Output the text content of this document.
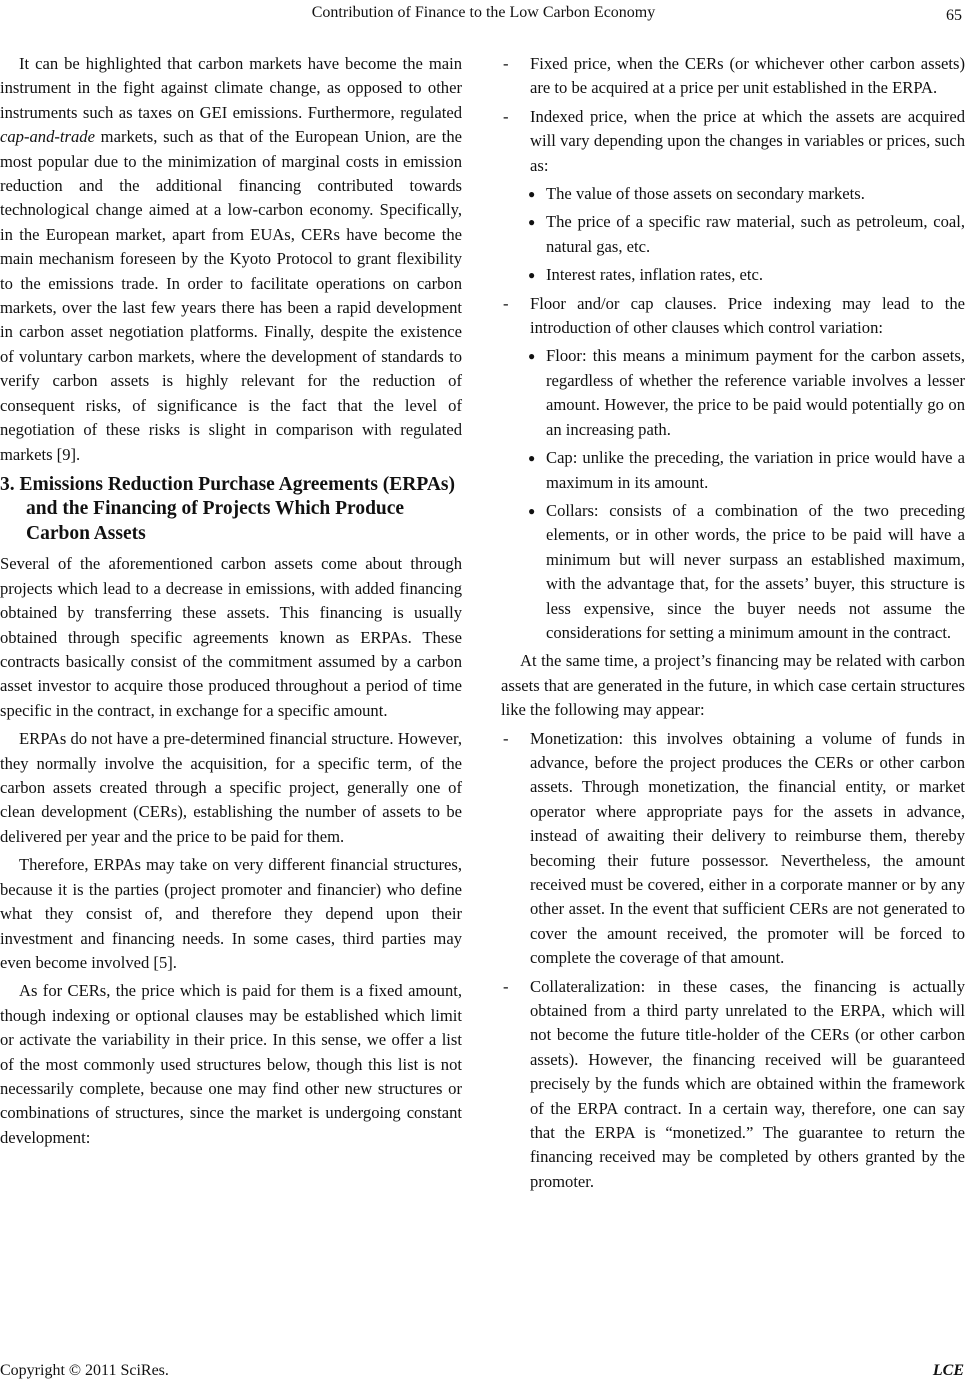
Contribution of Finance to the Low Carbon Economy	65

It can be highlighted that carbon markets have become the main instrument in the fight against climate change, as opposed to other instruments such as taxes on GEI emissions. Furthermore, regulated cap-and-trade markets, such as that of the European Union, are the most popular due to the minimization of marginal costs in emission reduction and the additional financing contributed towards technological change aimed at a low-carbon economy. Specifically, in the European market, apart from EUAs, CERs have become the main mechanism foreseen by the Kyoto Protocol to grant flexibility to the emissions trade. In order to facilitate operations on carbon markets, over the last few years there has been a rapid development in carbon asset negotiation platforms. Finally, despite the existence of voluntary carbon markets, where the development of standards to verify carbon assets is highly relevant for the reduction of consequent risks, of significance is the fact that the level of negotiation of these risks is slight in comparison with regulated markets [9].

3. Emissions Reduction Purchase Agreements (ERPAs) and the Financing of Projects Which Produce Carbon Assets

Several of the aforementioned carbon assets come about through projects which lead to a decrease in emissions, with added financing obtained by transferring these assets. This financing is usually obtained through specific agreements known as ERPAs. These contracts basically consist of the commitment assumed by a carbon asset investor to acquire those produced throughout a period of time specific in the contract, in exchange for a specific amount.

ERPAs do not have a pre-determined financial structure. However, they normally involve the acquisition, for a specific term, of the carbon assets created through a specific project, generally one of clean development (CERs), establishing the number of assets to be delivered per year and the price to be paid for them.

Therefore, ERPAs may take on very different financial structures, because it is the parties (project promoter and financier) who define what they consist of, and therefore they depend upon their investment and financing needs. In some cases, third parties may even become involved [5].

As for CERs, the price which is paid for them is a fixed amount, though indexing or optional clauses may be established which limit or activate the variability in their price. In this sense, we offer a list of the most commonly used structures below, though this list is not necessarily complete, because one may find other new structures or combinations of structures, since the market is undergoing constant development:

- Fixed price, when the CERs (or whichever other carbon assets) are to be acquired at a price per unit established in the ERPA.
- Indexed price, when the price at which the assets are acquired will vary depending upon the changes in variables or prices, such as:
● The value of those assets on secondary markets.
● The price of a specific raw material, such as petroleum, coal, natural gas, etc.
● Interest rates, inflation rates, etc.
- Floor and/or cap clauses. Price indexing may lead to the introduction of other clauses which control variation:
● Floor: this means a minimum payment for the carbon assets, regardless of whether the reference variable involves a lesser amount. However, the price to be paid would potentially go on an increasing path.
● Cap: unlike the preceding, the variation in price would have a maximum in its amount.
● Collars: consists of a combination of the two preceding elements, or in other words, the price to be paid will have a minimum but will never surpass an established maximum, with the advantage that, for the assets’ buyer, this structure is less expensive, since the buyer needs not assume the considerations for setting a minimum amount in the contract.

At the same time, a project’s financing may be related with carbon assets that are generated in the future, in which case certain structures like the following may appear:

- Monetization: this involves obtaining a volume of funds in advance, before the project produces the CERs or other carbon assets. Through monetization, the financial entity, or market operator where appropriate pays for the assets in advance, instead of awaiting their delivery to reimburse them, thereby becoming their future possessor. Nevertheless, the amount received must be covered, either in a corporate manner or by any other asset. In the event that sufficient CERs are not generated to cover the amount received, the promoter will be forced to complete the coverage of that amount.
- Collateralization: in these cases, the financing is actually obtained from a third party unrelated to the ERPA, which will not become the future title-holder of the CERs (or other carbon assets). However, the financing received will be guaranteed precisely by the funds which are obtained within the framework of the ERPA contract. In a certain way, therefore, one can say that the ERPA is “monetized.” The guarantee to return the financing received may be completed by others granted by the promoter.
Copyright © 2011 SciRes.	LCE
